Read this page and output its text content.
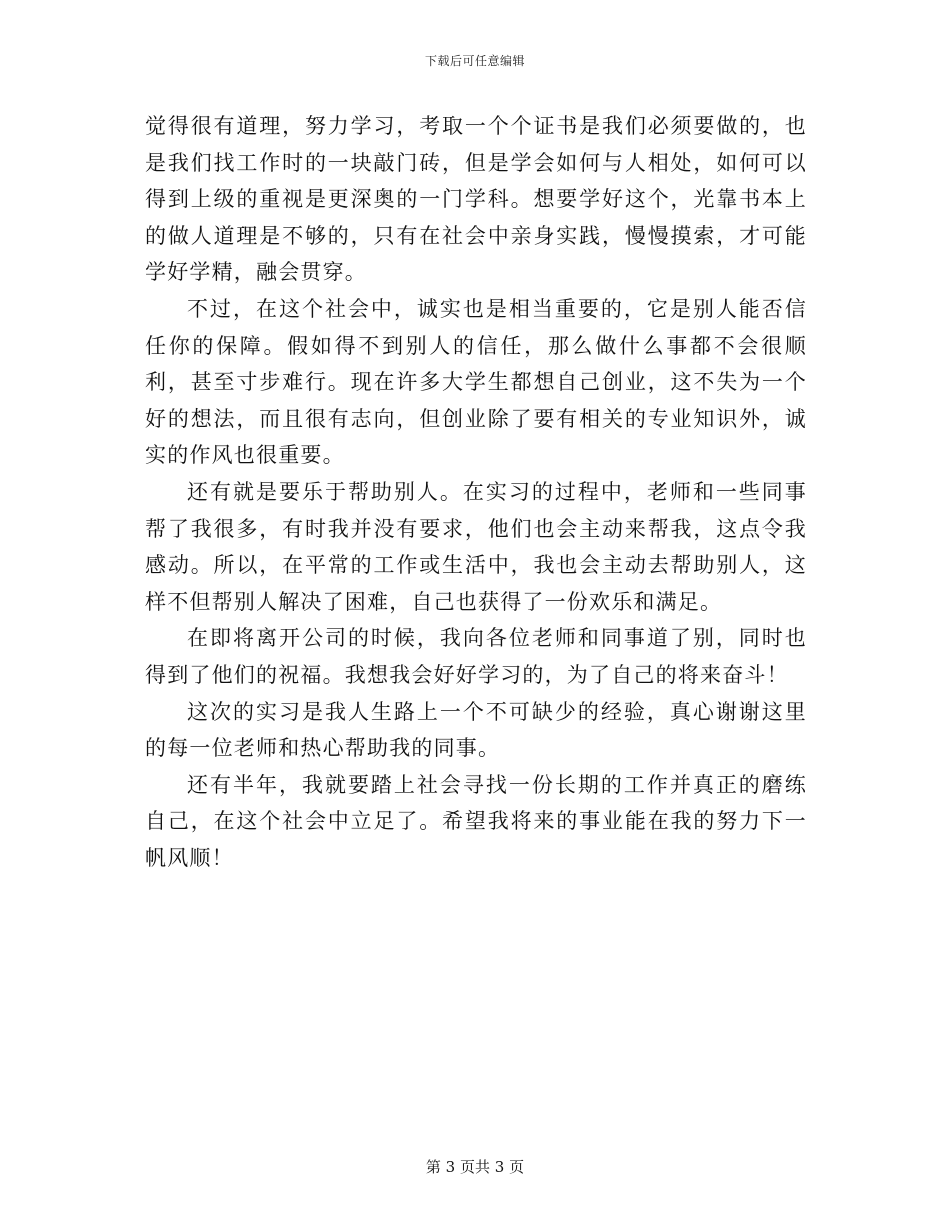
下载后可任意编辑

觉得很有道理，努力学习，考取一个个证书是我们必须要做的，也是我们找工作时的一块敲门砖，但是学会如何与人相处，如何可以得到上级的重视是更深奥的一门学科。想要学好这个，光靠书本上的做人道理是不够的，只有在社会中亲身实践，慢慢摸索，才可能学好学精，融会贯穿。

不过，在这个社会中，诚实也是相当重要的，它是别人能否信任你的保障。假如得不到别人的信任，那么做什么事都不会很顺利，甚至寸步难行。现在许多大学生都想自己创业，这不失为一个好的想法，而且很有志向，但创业除了要有相关的专业知识外，诚实的作风也很重要。

还有就是要乐于帮助别人。在实习的过程中，老师和一些同事帮了我很多，有时我并没有要求，他们也会主动来帮我，这点令我感动。所以，在平常的工作或生活中，我也会主动去帮助别人，这样不但帮别人解决了困难，自己也获得了一份欢乐和满足。

在即将离开公司的时候，我向各位老师和同事道了别，同时也得到了他们的祝福。我想我会好好学习的，为了自己的将来奋斗！

这次的实习是我人生路上一个不可缺少的经验，真心谢谢这里的每一位老师和热心帮助我的同事。

还有半年，我就要踏上社会寻找一份长期的工作并真正的磨练自己，在这个社会中立足了。希望我将来的事业能在我的努力下一帆风顺！

第 3 页共 3 页
